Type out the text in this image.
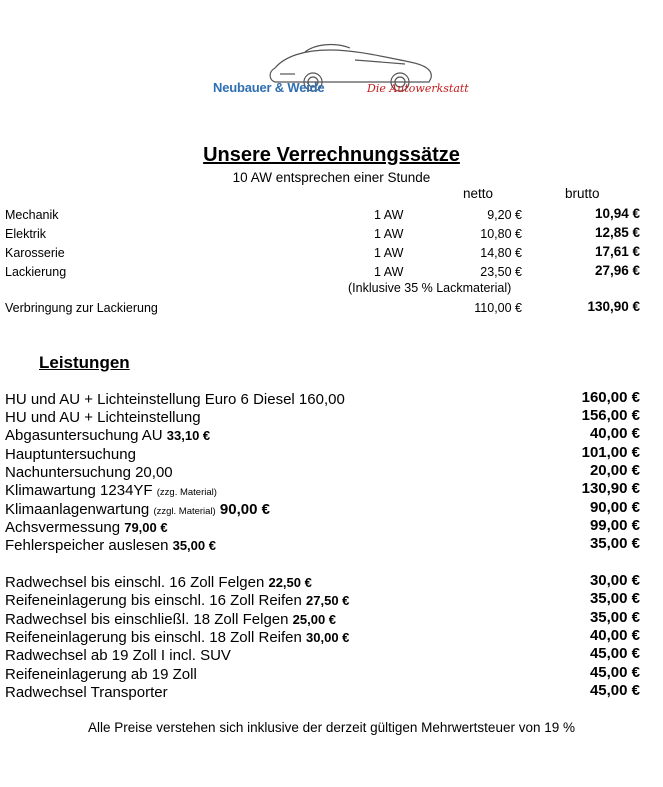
Neubauer & Weide	Die Autowerkstatt
Unsere Verrechnungssätze
10 AW entsprechen einer Stunde
netto	brutto
Mechanik	1 AW	9,20 €	10,94 €
Elektrik	1 AW	10,80 €	12,85 €
Karosserie	1 AW	14,80 €	17,61 €
Lackierung	1 AW	23,50 €	27,96 €
(Inklusive 35 % Lackmaterial)
Verbringung zur Lackierung	110,00 €	130,90 €
Leistungen
HU und AU + Lichteinstellung Euro 6 Diesel 160,00	160,00 €
HU und AU + Lichteinstellung	156,00 €
Abgasuntersuchung AU 33,10 €	40,00 €
Hauptuntersuchung	101,00 €
Nachuntersuchung 20,00	20,00 €
Klimawartung 1234YF (zzg. Material)	130,90 €
Klimaanlagenwartung (zzgl. Material) 90,00 €	90,00 €
Achsvermessung 79,00 €	99,00 €
Fehlerspeicher auslesen 35,00 €	35,00 €
Radwechsel bis einschl. 16 Zoll Felgen 22,50 €	30,00 €
Reifeneinlagerung bis einschl. 16 Zoll Reifen 27,50 €	35,00 €
Radwechsel bis einschließl. 18 Zoll Felgen 25,00 €	35,00 €
Reifeneinlagerung bis einschl. 18 Zoll Reifen 30,00 €	40,00 €
Radwechsel ab 19 Zoll I incl. SUV	45,00 €
Reifeneinlagerung ab 19 Zoll	45,00 €
Radwechsel Transporter	45,00 €
Alle Preise verstehen sich inklusive der derzeit gültigen Mehrwertsteuer von 19 %
